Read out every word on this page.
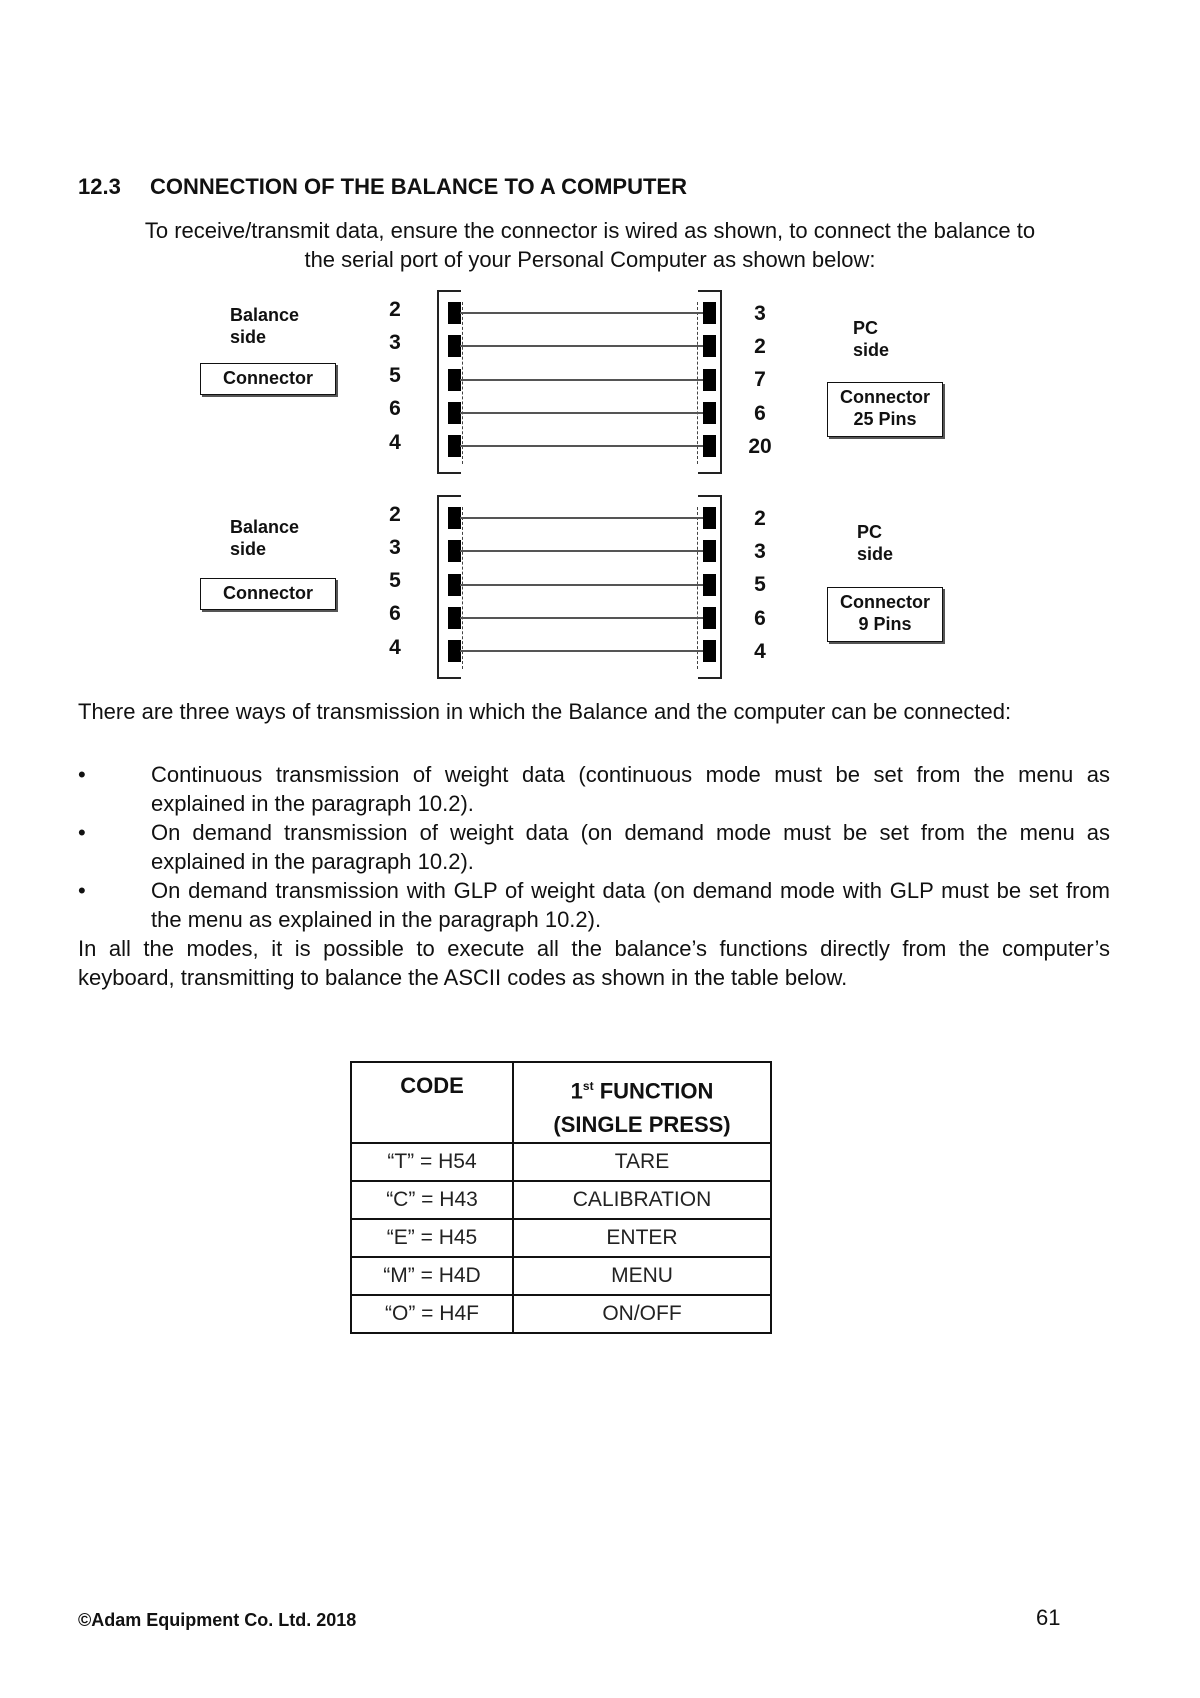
12.3 CONNECTION OF THE BALANCE TO A COMPUTER
To receive/transmit data, ensure the connector is wired as shown, to connect the balance to
the serial port of your Personal Computer as shown below:
Balance
side
Connector
2
3
5
6
4
3
2
7
6
20
PC
side
Connector
25 Pins
Balance
side
Connector
2
3
5
6
4
2
3
5
6
4
PC
side
Connector
9 Pins
There are three ways of transmission in which the Balance and the computer can be connected:
•	Continuous transmission of weight data (continuous mode must be set from the menu as explained in the paragraph 10.2).
•	On demand transmission of weight data (on demand mode must be set from the menu as explained in the paragraph 10.2).
•	On demand transmission with GLP of weight data (on demand mode with GLP must be set from the menu as explained in the paragraph 10.2).
In all the modes, it is possible to execute all the balance’s functions directly from the computer’s keyboard, transmitting to balance the ASCII codes as shown in the table below.
CODE	1st FUNCTION
(SINGLE PRESS)
“T” = H54	TARE
“C” = H43	CALIBRATION
“E” = H45	ENTER
“M” = H4D	MENU
“O” = H4F	ON/OFF
©Adam Equipment Co. Ltd. 2018	61
